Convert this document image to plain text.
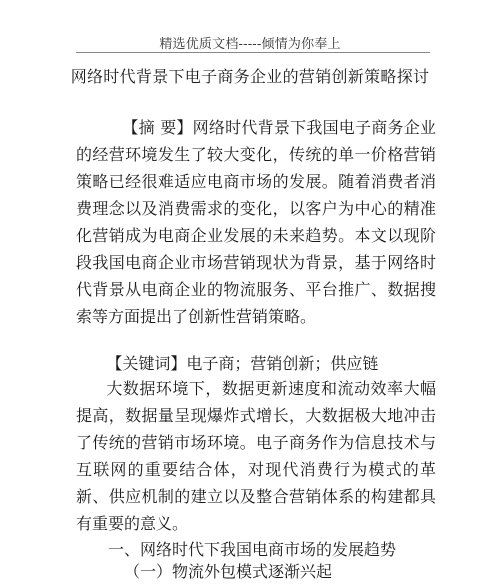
精选优质文档-----倾情为你奉上
网络时代背景下电子商务企业的营销创新策略探讨

【摘 要】网络时代背景下我国电子商务企业的经营环境发生了较大变化，传统的单一价格营销策略已经很难适应电商市场的发展。随着消费者消费理念以及消费需求的变化，以客户为中心的精准化营销成为电商企业发展的未来趋势。本文以现阶段我国电商企业市场营销现状为背景，基于网络时代背景从电商企业的物流服务、平台推广、数据搜索等方面提出了创新性营销策略。

【关键词】电子商；营销创新；供应链

大数据环境下，数据更新速度和流动效率大幅提高，数据量呈现爆炸式增长，大数据极大地冲击了传统的营销市场环境。电子商务作为信息技术与互联网的重要结合体，对现代消费行为模式的革新、供应机制的建立以及整合营销体系的构建都具有重要的意义。

一、网络时代下我国电商市场的发展趋势
（一）物流外包模式逐渐兴起
